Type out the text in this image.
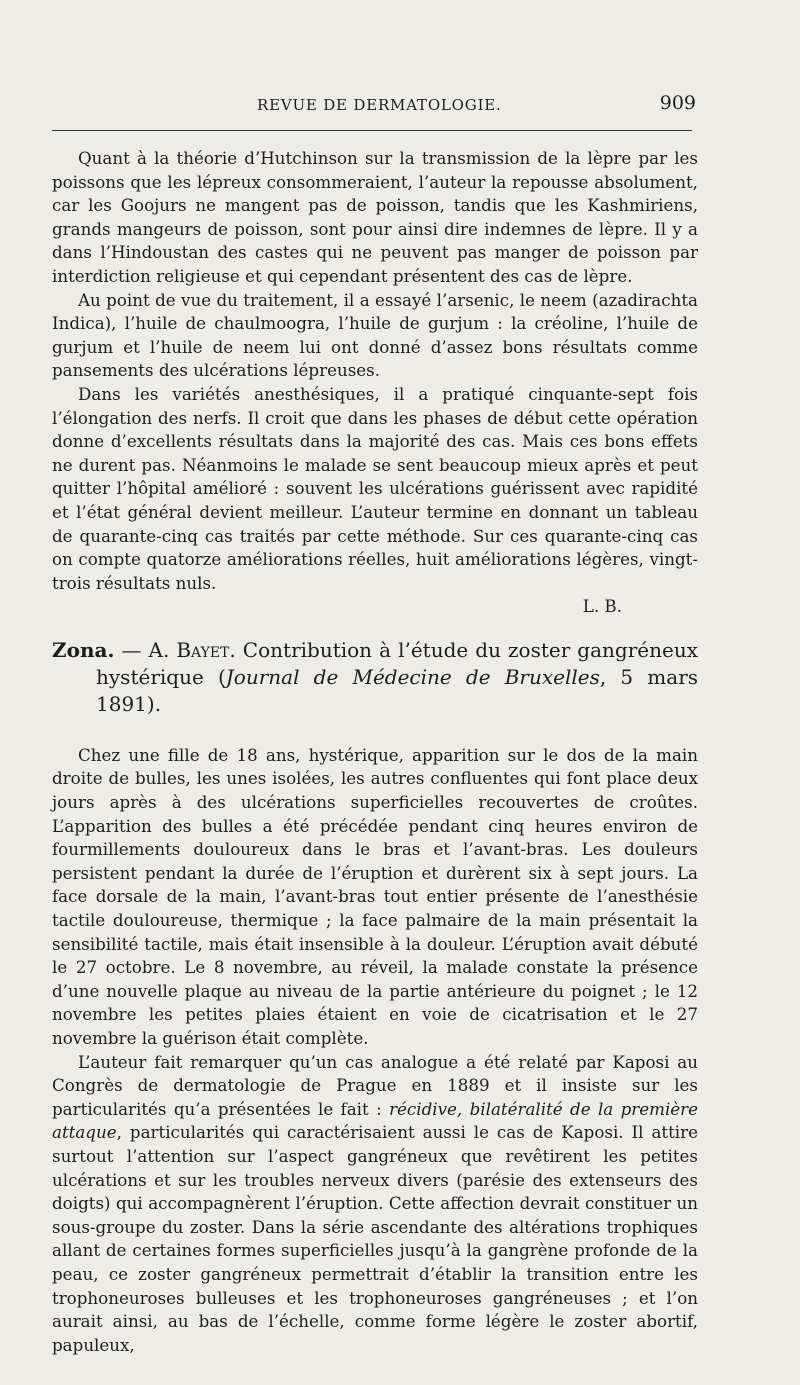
REVUE DE DERMATOLOGIE.	909

Quant à la théorie d’Hutchinson sur la transmission de la lèpre par les poissons que les lépreux consommeraient, l’auteur la repousse absolument, car les Goojurs ne mangent pas de poisson, tandis que les Kashmiriens, grands mangeurs de poisson, sont pour ainsi dire indemnes de lèpre. Il y a dans l’Hindoustan des castes qui ne peuvent pas manger de poisson par interdiction religieuse et qui cependant présentent des cas de lèpre.

Au point de vue du traitement, il a essayé l’arsenic, le neem (azadirachta Indica), l’huile de chaulmoogra, l’huile de gurjum : la créoline, l’huile de gurjum et l’huile de neem lui ont donné d’assez bons résultats comme pansements des ulcérations lépreuses.

Dans les variétés anesthésiques, il a pratiqué cinquante-sept fois l’élongation des nerfs. Il croit que dans les phases de début cette opération donne d’excellents résultats dans la majorité des cas. Mais ces bons effets ne durent pas. Néanmoins le malade se sent beaucoup mieux après et peut quitter l’hôpital amélioré : souvent les ulcérations guérissent avec rapidité et l’état général devient meilleur. L’auteur termine en donnant un tableau de quarante-cinq cas traités par cette méthode. Sur ces quarante-cinq cas on compte quatorze améliorations réelles, huit améliorations légères, vingt-trois résultats nuls.

L. B.
Zona. — A. Bayet. Contribution à l’étude du zoster gangréneux hystérique (Journal de Médecine de Bruxelles, 5 mars 1891).

Chez une fille de 18 ans, hystérique, apparition sur le dos de la main droite de bulles, les unes isolées, les autres confluentes qui font place deux jours après à des ulcérations superficielles recouvertes de croûtes. L’apparition des bulles a été précédée pendant cinq heures environ de fourmillements douloureux dans le bras et l’avant-bras. Les douleurs persistent pendant la durée de l’éruption et durèrent six à sept jours. La face dorsale de la main, l’avant-bras tout entier présente de l’anesthésie tactile douloureuse, thermique ; la face palmaire de la main présentait la sensibilité tactile, mais était insensible à la douleur. L’éruption avait débuté le 27 octobre. Le 8 novembre, au réveil, la malade constate la présence d’une nouvelle plaque au niveau de la partie antérieure du poignet ; le 12 novembre les petites plaies étaient en voie de cicatrisation et le 27 novembre la guérison était complète.

L’auteur fait remarquer qu’un cas analogue a été relaté par Kaposi au Congrès de dermatologie de Prague en 1889 et il insiste sur les particularités qu’a présentées le fait : récidive, bilatéralité de la première attaque, particularités qui caractérisaient aussi le cas de Kaposi. Il attire surtout l’attention sur l’aspect gangréneux que revêtirent les petites ulcérations et sur les troubles nerveux divers (parésie des extenseurs des doigts) qui accompagnèrent l’éruption. Cette affection devrait constituer un sous-groupe du zoster. Dans la série ascendante des altérations trophiques allant de certaines formes superficielles jusqu’à la gangrène profonde de la peau, ce zoster gangréneux permettrait d’établir la transition entre les trophoneuroses bulleuses et les trophoneuroses gangréneuses ; et l’on aurait ainsi, au bas de l’échelle, comme forme légère le zoster abortif, papuleux,
